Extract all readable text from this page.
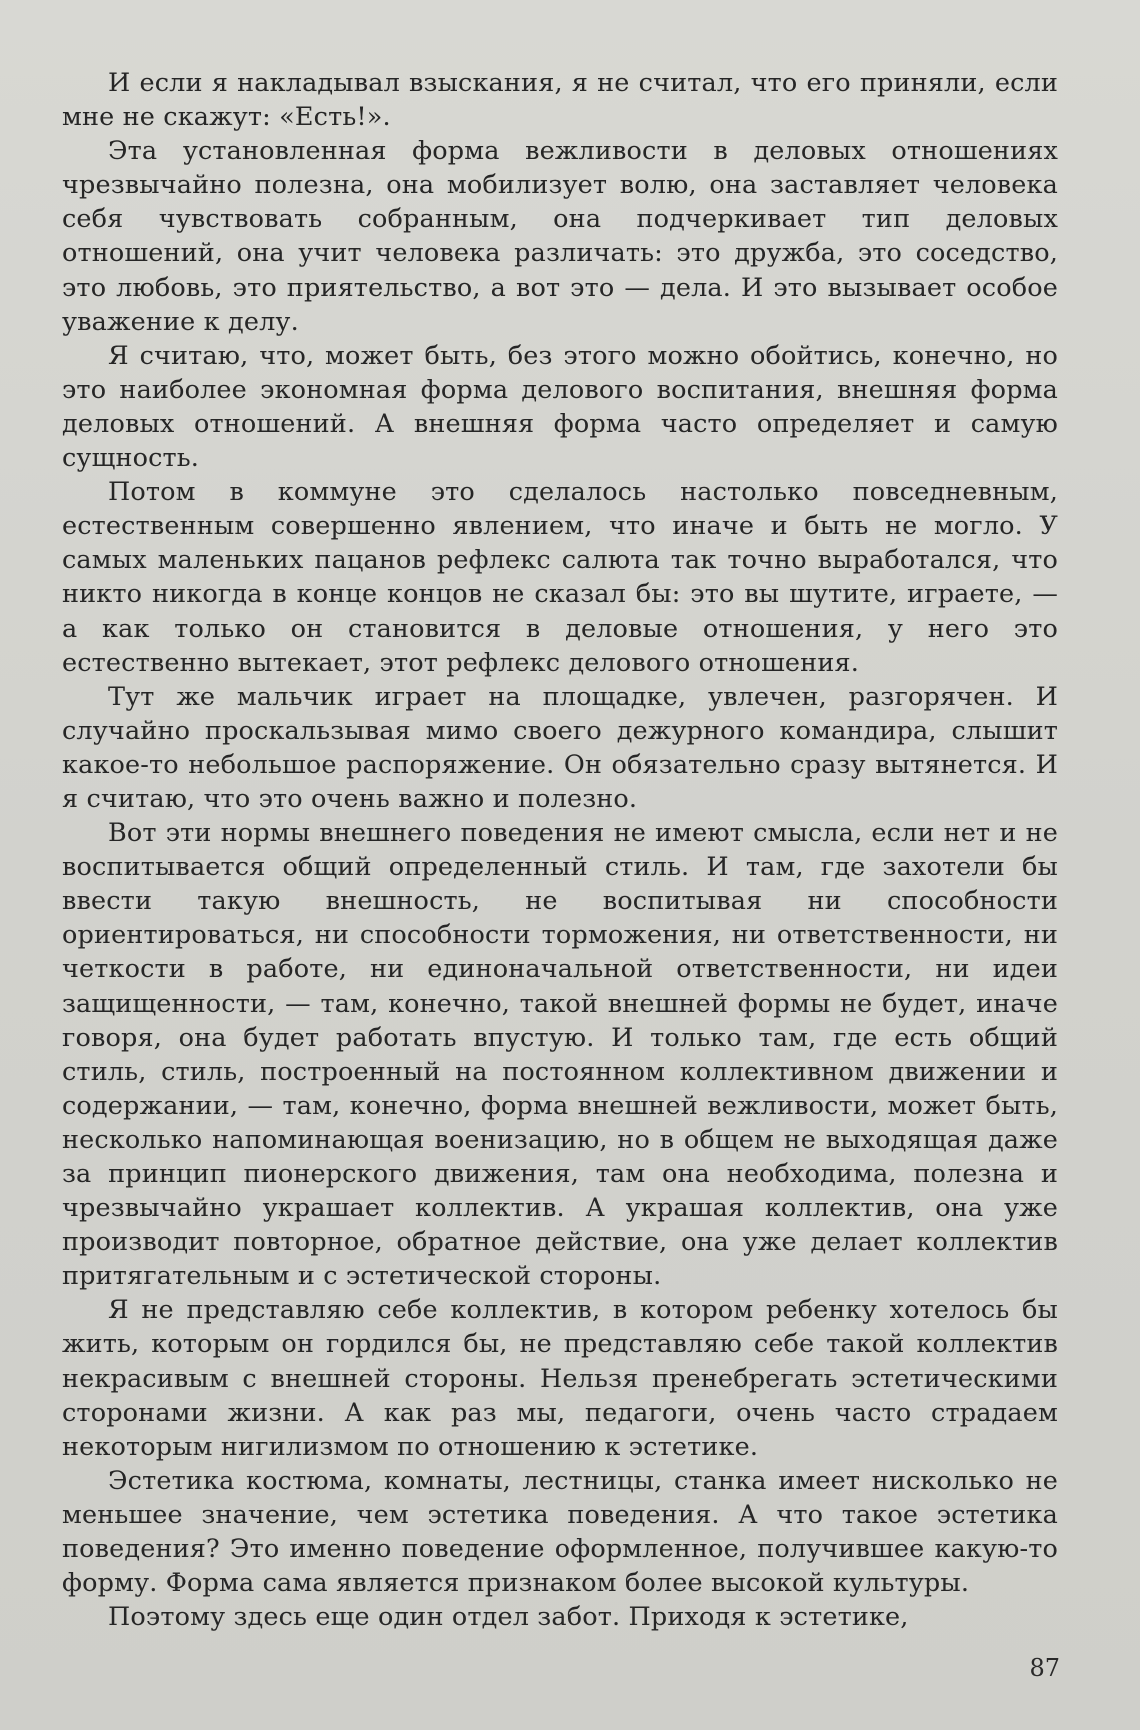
И если я накладывал взыскания, я не считал, что его приняли, если мне не скажут: «Есть!».

Эта установленная форма вежливости в деловых отношениях чрезвычайно полезна, она мобилизует волю, она заставляет человека себя чувствовать собранным, она подчеркивает тип деловых отношений, она учит человека различать: это дружба, это соседство, это любовь, это приятельство, а вот это — дела. И это вызывает особое уважение к делу.

Я считаю, что, может быть, без этого можно обойтись, конечно, но это наиболее экономная форма делового воспитания, внешняя форма деловых отношений. А внешняя форма часто определяет и самую сущность.

Потом в коммуне это сделалось настолько повседневным, естественным совершенно явлением, что иначе и быть не могло. У самых маленьких пацанов рефлекс салюта так точно выработался, что никто никогда в конце концов не сказал бы: это вы шутите, играете, — а как только он становится в деловые отношения, у него это естественно вытекает, этот рефлекс делового отношения.

Тут же мальчик играет на площадке, увлечен, разгорячен. И случайно проскальзывая мимо своего дежурного командира, слышит какое-то небольшое распоряжение. Он обязательно сразу вытянется. И я считаю, что это очень важно и полезно.

Вот эти нормы внешнего поведения не имеют смысла, если нет и не воспитывается общий определенный стиль. И там, где захотели бы ввести такую внешность, не воспитывая ни способности ориентироваться, ни способности торможения, ни ответственности, ни четкости в работе, ни единоначальной ответственности, ни идеи защищенности, — там, конечно, такой внешней формы не будет, иначе говоря, она будет работать впустую. И только там, где есть общий стиль, стиль, построенный на постоянном коллективном движении и содержании, — там, конечно, форма внешней вежливости, может быть, несколько напоминающая военизацию, но в общем не выходящая даже за принцип пионерского движения, там она необходима, полезна и чрезвычайно украшает коллектив. А украшая коллектив, она уже производит повторное, обратное действие, она уже делает коллектив притягательным и с эстетической стороны.

Я не представляю себе коллектив, в котором ребенку хотелось бы жить, которым он гордился бы, не представляю себе такой коллектив некрасивым с внешней стороны. Нельзя пренебрегать эстетическими сторонами жизни. А как раз мы, педагоги, очень часто страдаем некоторым нигилизмом по отношению к эстетике.

Эстетика костюма, комнаты, лестницы, станка имеет нисколько не меньшее значение, чем эстетика поведения. А что такое эстетика поведения? Это именно поведение оформленное, получившее какую-то форму. Форма сама является признаком более высокой культуры.

Поэтому здесь еще один отдел забот. Приходя к эстетике,

87
